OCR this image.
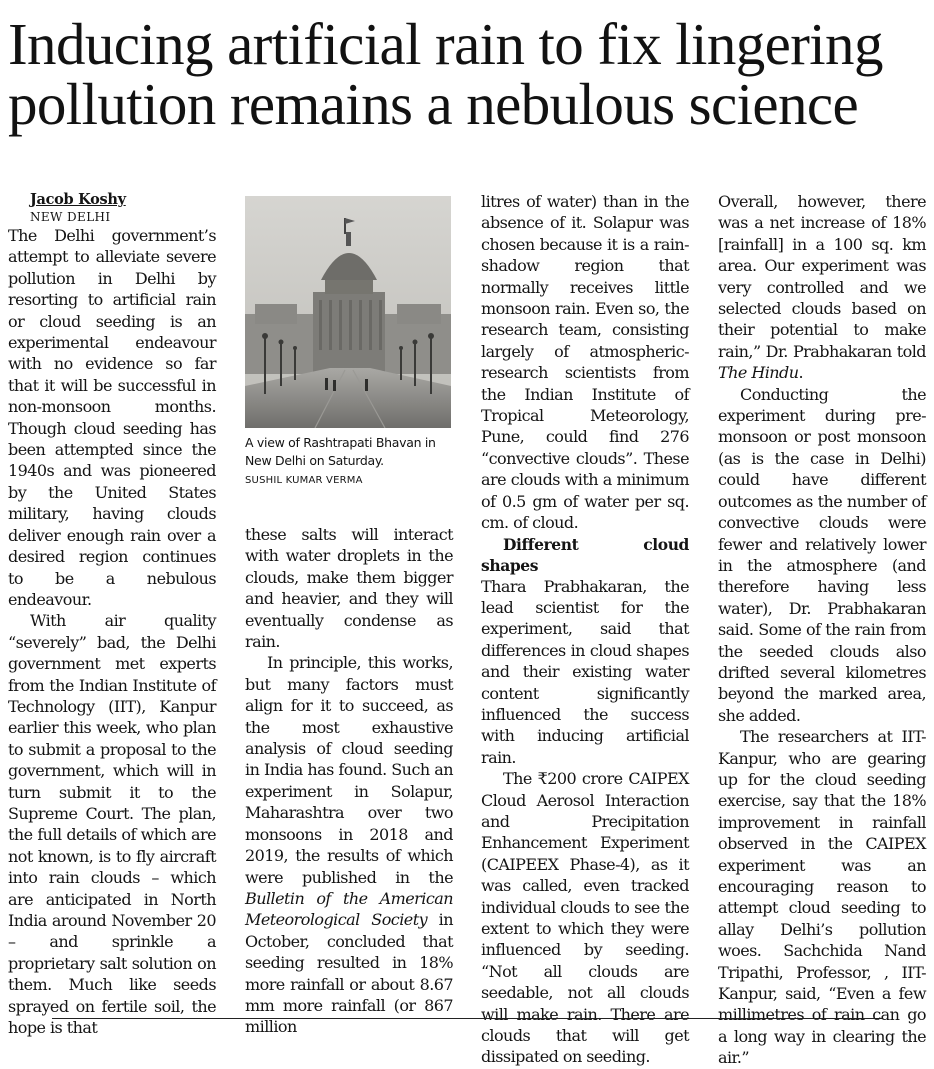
Inducing artificial rain to fix lingering pollution remains a nebulous science

Jacob Koshy

NEW DELHI

The Delhi government’s attempt to alleviate severe pollution in Delhi by resorting to artificial rain or cloud seeding is an experimental endeavour with no evidence so far that it will be successful in non-monsoon months. Though cloud seeding has been attempted since the 1940s and was pioneered by the United States military, having clouds deliver enough rain over a desired region continues to be a nebulous endeavour.

With air quality “severely” bad, the Delhi government met experts from the Indian Institute of Technology (IIT), Kanpur earlier this week, who plan to submit a proposal to the government, which will in turn submit it to the Supreme Court. The plan, the full details of which are not known, is to fly aircraft into rain clouds – which are anticipated in North India around November 20 – and sprinkle a proprietary salt solution on them. Much like seeds sprayed on fertile soil, the hope is that

A view of Rashtrapati Bhavan in New Delhi on Saturday.
SUSHIL KUMAR VERMA

these salts will interact with water droplets in the clouds, make them bigger and heavier, and they will eventually condense as rain.

In principle, this works, but many factors must align for it to succeed, as the most exhaustive analysis of cloud seeding in India has found. Such an experiment in Solapur, Maharashtra over two monsoons in 2018 and 2019, the results of which were published in the Bulletin of the American Meteorological Society in October, concluded that seeding resulted in 18% more rainfall or about 8.67 mm more rainfall (or 867 million

litres of water) than in the absence of it. Solapur was chosen because it is a rain-shadow region that normally receives little monsoon rain. Even so, the research team, consisting largely of atmospheric-research scientists from the Indian Institute of Tropical Meteorology, Pune, could find 276 “convective clouds”. These are clouds with a minimum of 0.5 gm of water per sq. cm. of cloud.

Different cloud shapes

Thara Prabhakaran, the lead scientist for the experiment, said that differences in cloud shapes and their existing water content significantly influenced the success with inducing artificial rain.

The ₹200 crore CAIPEX Cloud Aerosol Interaction and Precipitation Enhancement Experiment (CAIPEEX Phase-4), as it was called, even tracked individual clouds to see the extent to which they were influenced by seeding. “Not all clouds are seedable, not all clouds will make rain. There are clouds that will get dissipated on seeding.

Overall, however, there was a net increase of 18% [rainfall] in a 100 sq. km area. Our experiment was very controlled and we selected clouds based on their potential to make rain,” Dr. Prabhakaran told The Hindu.

Conducting the experiment during pre-monsoon or post monsoon (as is the case in Delhi) could have different outcomes as the number of convective clouds were fewer and relatively lower in the atmosphere (and therefore having less water), Dr. Prabhakaran said. Some of the rain from the seeded clouds also drifted several kilometres beyond the marked area, she added.

The researchers at IIT-Kanpur, who are gearing up for the cloud seeding exercise, say that the 18% improvement in rainfall observed in the CAIPEX experiment was an encouraging reason to attempt cloud seeding to allay Delhi’s pollution woes. Sachchida Nand Tripathi, Professor, , IIT-Kanpur, said, “Even a few millimetres of rain can go a long way in clearing the air.”
